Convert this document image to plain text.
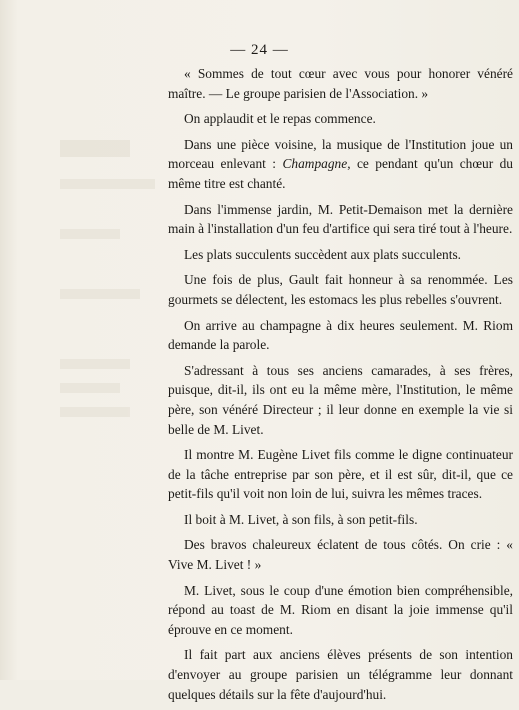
— 24 —

« Sommes de tout cœur avec vous pour honorer vénéré maître. — Le groupe parisien de l'Association. »

On applaudit et le repas commence.

Dans une pièce voisine, la musique de l'Institution joue un morceau enlevant : Champagne, ce pendant qu'un chœur du même titre est chanté.

Dans l'immense jardin, M. Petit-Demaison met la dernière main à l'installation d'un feu d'artifice qui sera tiré tout à l'heure.

Les plats succulents succèdent aux plats succulents.

Une fois de plus, Gault fait honneur à sa renommée. Les gourmets se délectent, les estomacs les plus rebelles s'ouvrent.

On arrive au champagne à dix heures seulement. M. Riom demande la parole.

S'adressant à tous ses anciens camarades, à ses frères, puisque, dit-il, ils ont eu la même mère, l'Institution, le même père, son vénéré Directeur ; il leur donne en exemple la vie si belle de M. Livet.

Il montre M. Eugène Livet fils comme le digne continuateur de la tâche entreprise par son père, et il est sûr, dit-il, que ce petit-fils qu'il voit non loin de lui, suivra les mêmes traces.

Il boit à M. Livet, à son fils, à son petit-fils.

Des bravos chaleureux éclatent de tous côtés. On crie : « Vive M. Livet ! »

M. Livet, sous le coup d'une émotion bien compréhensible, répond au toast de M. Riom en disant la joie immense qu'il éprouve en ce moment.

Il fait part aux anciens élèves présents de son intention d'envoyer au groupe parisien un télégramme leur donnant quelques détails sur la fête d'aujourd'hui.
